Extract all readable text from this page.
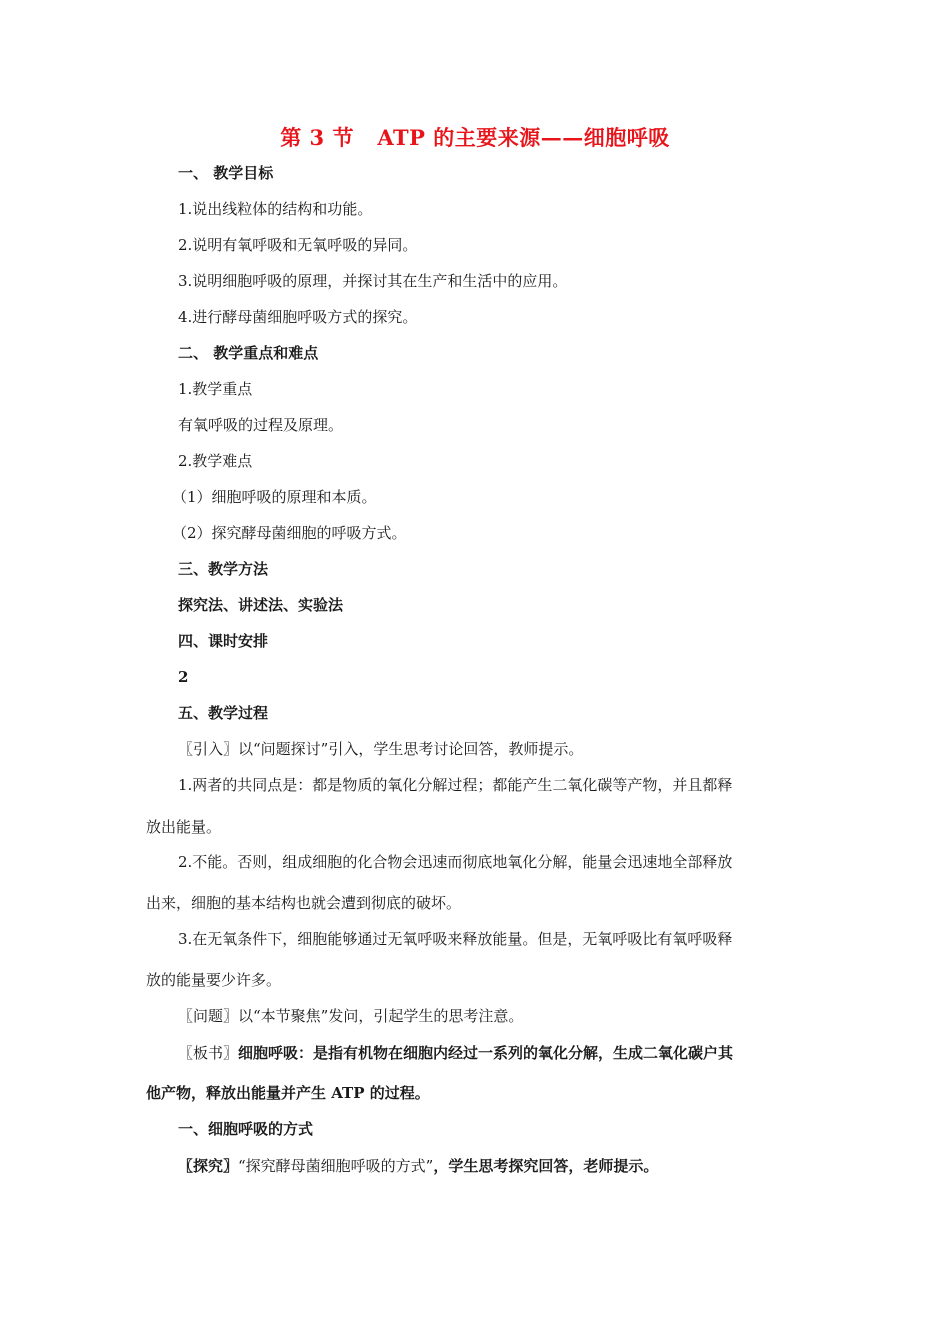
第 3 节   ATP 的主要来源——细胞呼吸
一、 教学目标
1.说出线粒体的结构和功能。
2.说明有氧呼吸和无氧呼吸的异同。
3.说明细胞呼吸的原理，并探讨其在生产和生活中的应用。
4.进行酵母菌细胞呼吸方式的探究。
二、 教学重点和难点
1.教学重点
有氧呼吸的过程及原理。
2.教学难点
（1）细胞呼吸的原理和本质。
（2）探究酵母菌细胞的呼吸方式。
三、教学方法
探究法、讲述法、实验法
四、课时安排
2
五、教学过程
〖引入〗以“问题探讨”引入，学生思考讨论回答，教师提示。
1.两者的共同点是：都是物质的氧化分解过程；都能产生二氧化碳等产物，并且都释
放出能量。
2.不能。否则，组成细胞的化合物会迅速而彻底地氧化分解，能量会迅速地全部释放
出来，细胞的基本结构也就会遭到彻底的破坏。
3.在无氧条件下，细胞能够通过无氧呼吸来释放能量。但是，无氧呼吸比有氧呼吸释
放的能量要少许多。
〖问题〗以“本节聚焦”发问，引起学生的思考注意。
〖板书〗细胞呼吸：是指有机物在细胞内经过一系列的氧化分解，生成二氧化碳户其
他产物，释放出能量并产生 ATP 的过程。
一、细胞呼吸的方式
〖探究〗“探究酵母菌细胞呼吸的方式”，学生思考探究回答，老师提示。
